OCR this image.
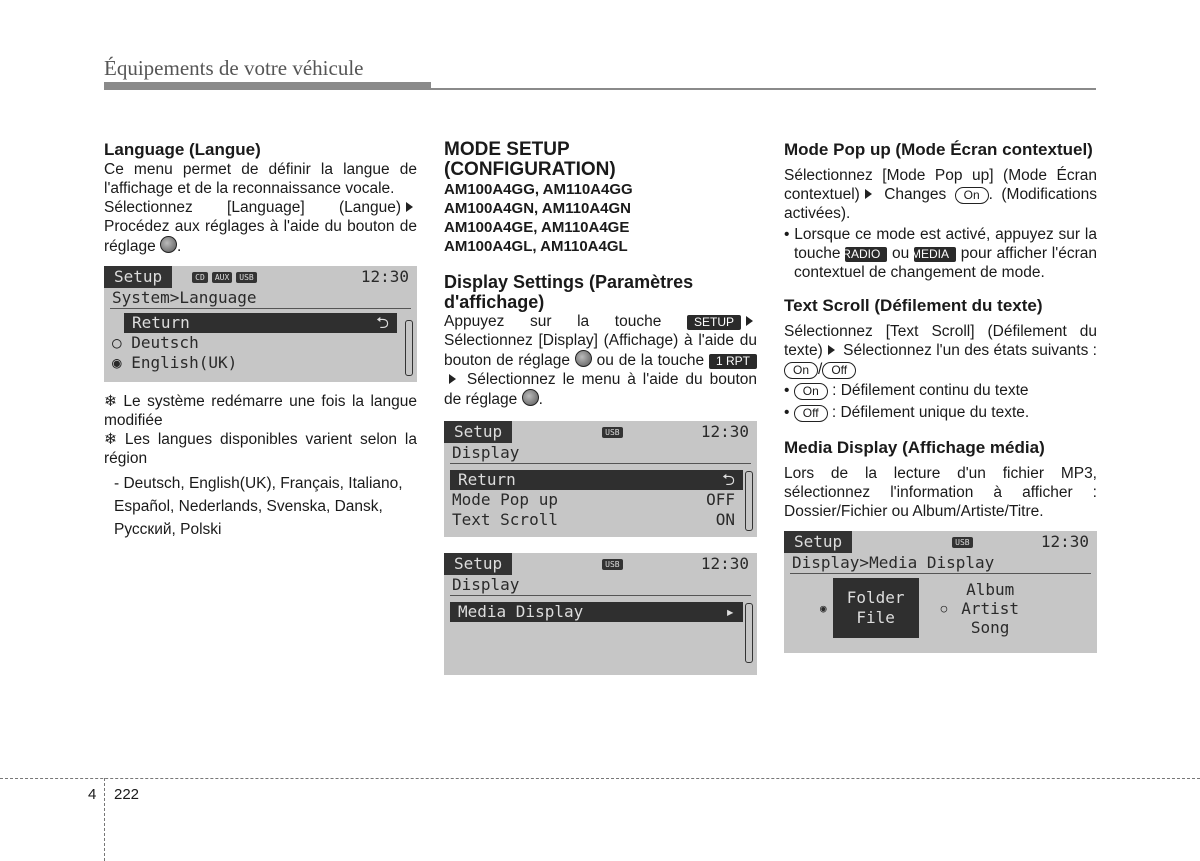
Équipements de votre véhicule

Language (Langue)

Ce menu permet de définir la langue de l'affichage et de la reconnaissance vocale.

Sélectionnez [Language] (Langue) Procédez aux réglages à l'aide du bouton de réglage .

Setup	CD	AUX	USB	12:30
System>Language
Return	⮌
○ Deutsch
◉ English(UK)

❄ Le système redémarre une fois la langue modifiée

❄ Les langues disponibles varient selon la région

- Deutsch, English(UK), Français, Italiano, Español, Nederlands, Svenska, Dansk, Русский, Polski

MODE SETUP

(CONFIGURATION)

AM100A4GG, AM110A4GG
AM100A4GN, AM110A4GN
AM100A4GE, AM110A4GE
AM100A4GL, AM110A4GL

Display Settings (Paramètres d'affichage)

Appuyez sur la touche	SETUP Sélectionnez [Display] (Affichage) à l'aide du bouton de réglage ou de la touche 1 RPT Sélectionnez le menu à l'aide du bouton de réglage .

Setup	USB	12:30
Display
Return	⮌
Mode Pop up	OFF
Text Scroll	ON
Setup	USB	12:30
Display
Media Display	▸

Mode Pop up (Mode Écran contextuel)

Sélectionnez [Mode Pop up] (Mode Écran contextuel) Changes On . (Modifications activées).

• Lorsque ce mode est activé, appuyez sur la touche RADIO ou MEDIA pour afficher l'écran contextuel de changement de mode.

Text Scroll (Défilement du texte)

Sélectionnez [Text Scroll] (Défilement du texte) Sélectionnez l'un des états suivants : On / Off

• On : Défilement continu du texte

• Off : Défilement unique du texte.

Media Display (Affichage média)

Lors de la lecture d'un fichier MP3, sélectionnez l'information à afficher : Dossier/Fichier ou Album/Artiste/Titre.

Setup	USB	12:30
Display>Media Display
◉
Folder
File	○
Album
Artist
Song
4 222
